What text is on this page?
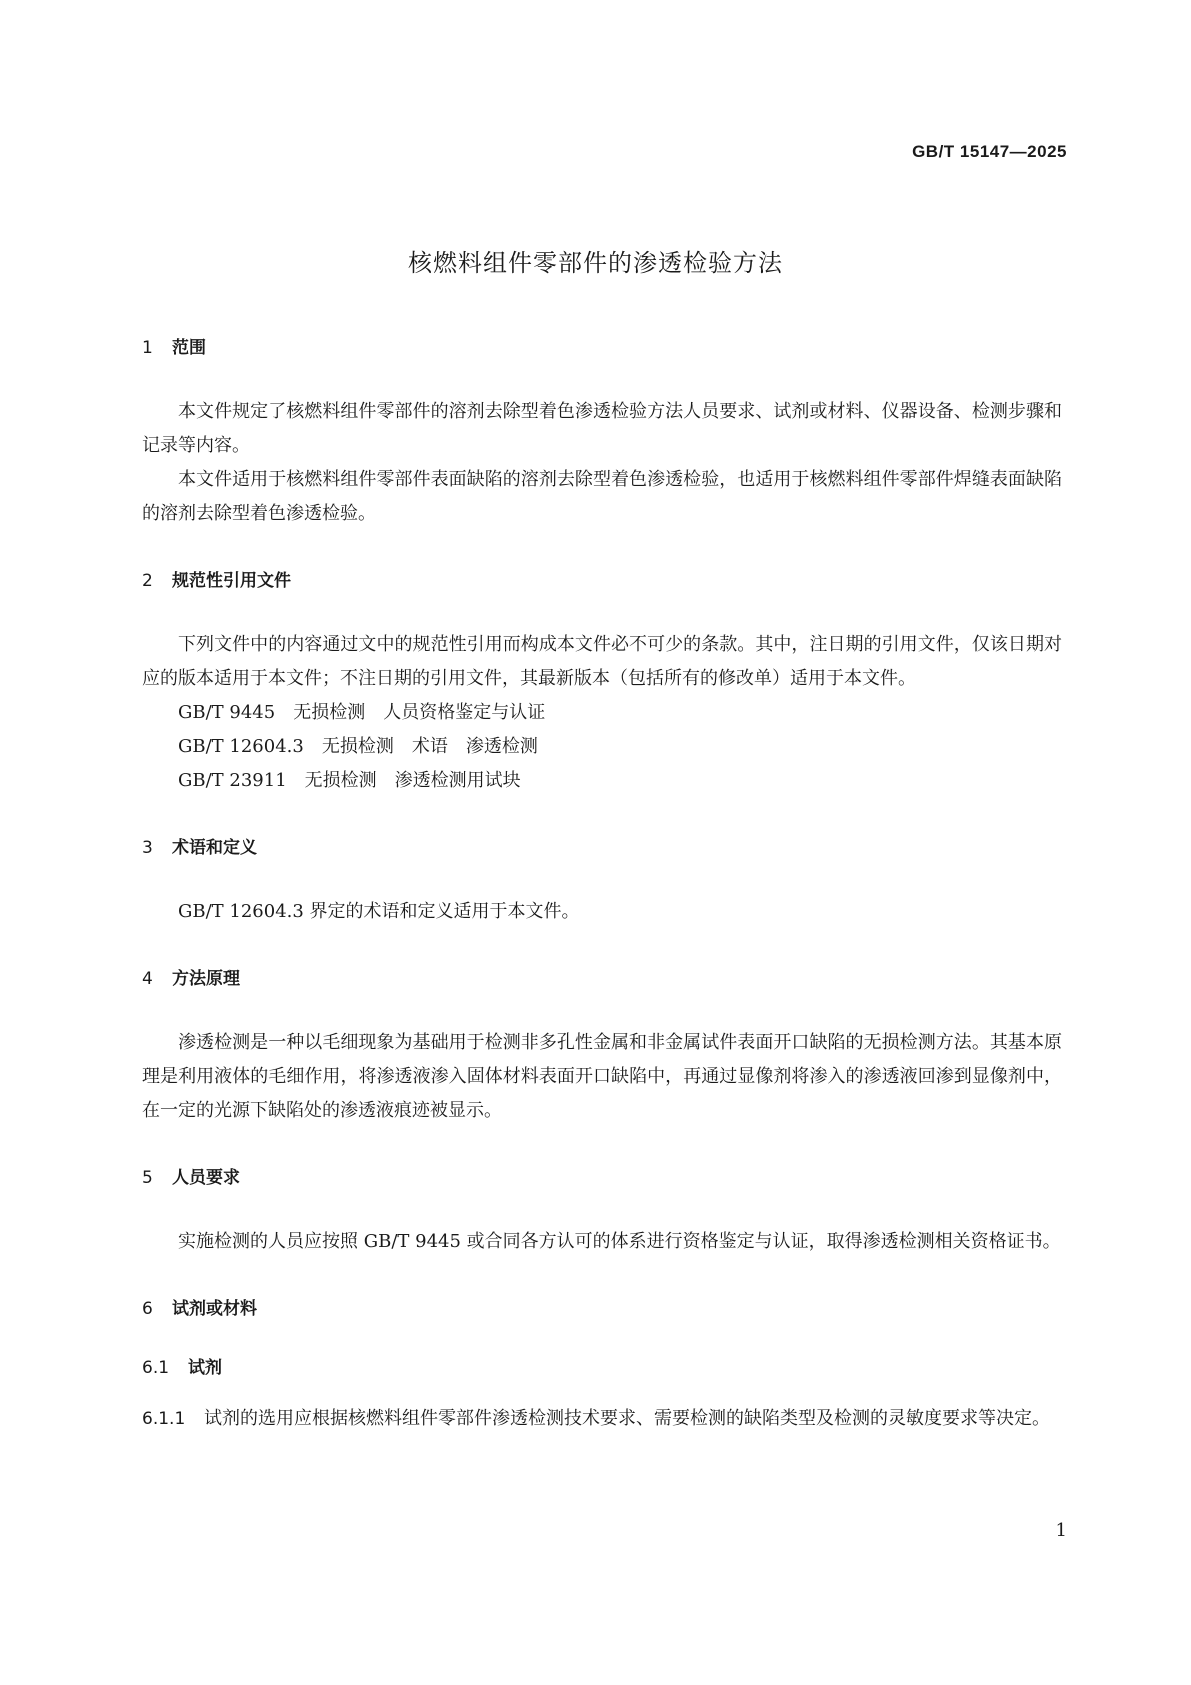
GB/T 15147—2025
核燃料组件零部件的渗透检验方法
1 范围

本文件规定了核燃料组件零部件的溶剂去除型着色渗透检验方法人员要求、试剂或材料、仪器设备、检测步骤和记录等内容。

本文件适用于核燃料组件零部件表面缺陷的溶剂去除型着色渗透检验，也适用于核燃料组件零部件焊缝表面缺陷的溶剂去除型着色渗透检验。

2 规范性引用文件

下列文件中的内容通过文中的规范性引用而构成本文件必不可少的条款。其中，注日期的引用文件，仅该日期对应的版本适用于本文件；不注日期的引用文件，其最新版本（包括所有的修改单）适用于本文件。

GB/T 9445　无损检测　人员资格鉴定与认证

GB/T 12604.3　无损检测　术语　渗透检测

GB/T 23911　无损检测　渗透检测用试块

3 术语和定义

GB/T 12604.3 界定的术语和定义适用于本文件。

4 方法原理

渗透检测是一种以毛细现象为基础用于检测非多孔性金属和非金属试件表面开口缺陷的无损检测方法。其基本原理是利用液体的毛细作用，将渗透液渗入固体材料表面开口缺陷中，再通过显像剂将渗入的渗透液回渗到显像剂中，在一定的光源下缺陷处的渗透液痕迹被显示。

5 人员要求

实施检测的人员应按照 GB/T 9445 或合同各方认可的体系进行资格鉴定与认证，取得渗透检测相关资格证书。

6 试剂或材料
6.1 试剂

6.1.1 试剂的选用应根据核燃料组件零部件渗透检测技术要求、需要检测的缺陷类型及检测的灵敏度要求等决定。

1
